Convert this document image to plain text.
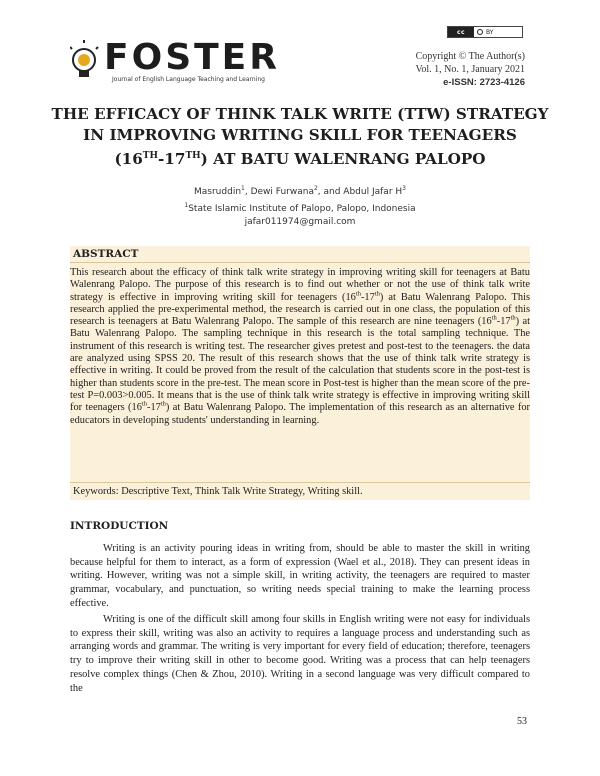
cc	BY
FOSTER
Journal of English Language Teaching and Learning
Copyright © The Author(s)
Vol. 1, No. 1, January 2021
e-ISSN: 2723-4126
THE EFFICACY OF THINK TALK WRITE (TTW) STRATEGY
IN IMPROVING WRITING SKILL FOR TEENAGERS
(16TH-17TH) AT BATU WALENRANG PALOPO
Masruddin$^1$, Dewi Furwana$^2$, and Abdul Jafar $H^3$
$^1$State Islamic Institute of Palopo, Palopo, Indonesia
jafar011974@gmail.com
ABSTRACT
This research about the efficacy of think talk write strategy in improving writing skill for teenagers at Batu Walenrang Palopo. The purpose of this research is to find out whether or not the use of think talk write strategy is effective in improving writing skill for teenagers (16th-17th) at Batu Walenrang Palopo. This research applied the pre-experimental method, the research is carried out in one class, the population of this research is teenagers at Batu Walenrang Palopo. The sample of this research are nine teenagers (16th-17th) at Batu Walenrang Palopo. The sampling technique in this research is the total sampling technique. The instrument of this research is writing test. The researcher gives pretest and post-test to the teenagers. the data are analyzed using SPSS 20. The result of this research shows that the use of think talk write strategy is effective in writing. It could be proved from the result of the calculation that students score in the post-test is higher than students score in the pre-test. The mean score in Post-test is higher than the mean score of the pre-test P=0.003>0.005. It means that is the use of think talk write strategy is effective in improving writing skill for teenagers (16th-17th) at Batu Walenrang Palopo. The implementation of this research as an alternative for educators in developing students' understanding in learning.
Keywords: Descriptive Text, Think Talk Write Strategy, Writing skill.
INTRODUCTION
Writing is an activity pouring ideas in writing from, should be able to master the skill in writing because helpful for them to interact, as a form of expression (Wael et al., 2018). They can present ideas in writing. However, writing was not a simple skill, in writing activity, the teenagers are required to master grammar, vocabulary, and punctuation, so writing needs special training to make the learning process effective.
Writing is one of the difficult skill among four skills in English writing were not easy for individuals to express their skill, writing was also an activity to requires a language process and understanding such as arranging words and grammar. The writing is very important for every field of education; therefore, teenagers try to improve their writing skill in other to become good. Writing was a process that can help teenagers resolve complex things (Chen & Zhou, 2010). Writing in a second language was very difficult compared to the
53
